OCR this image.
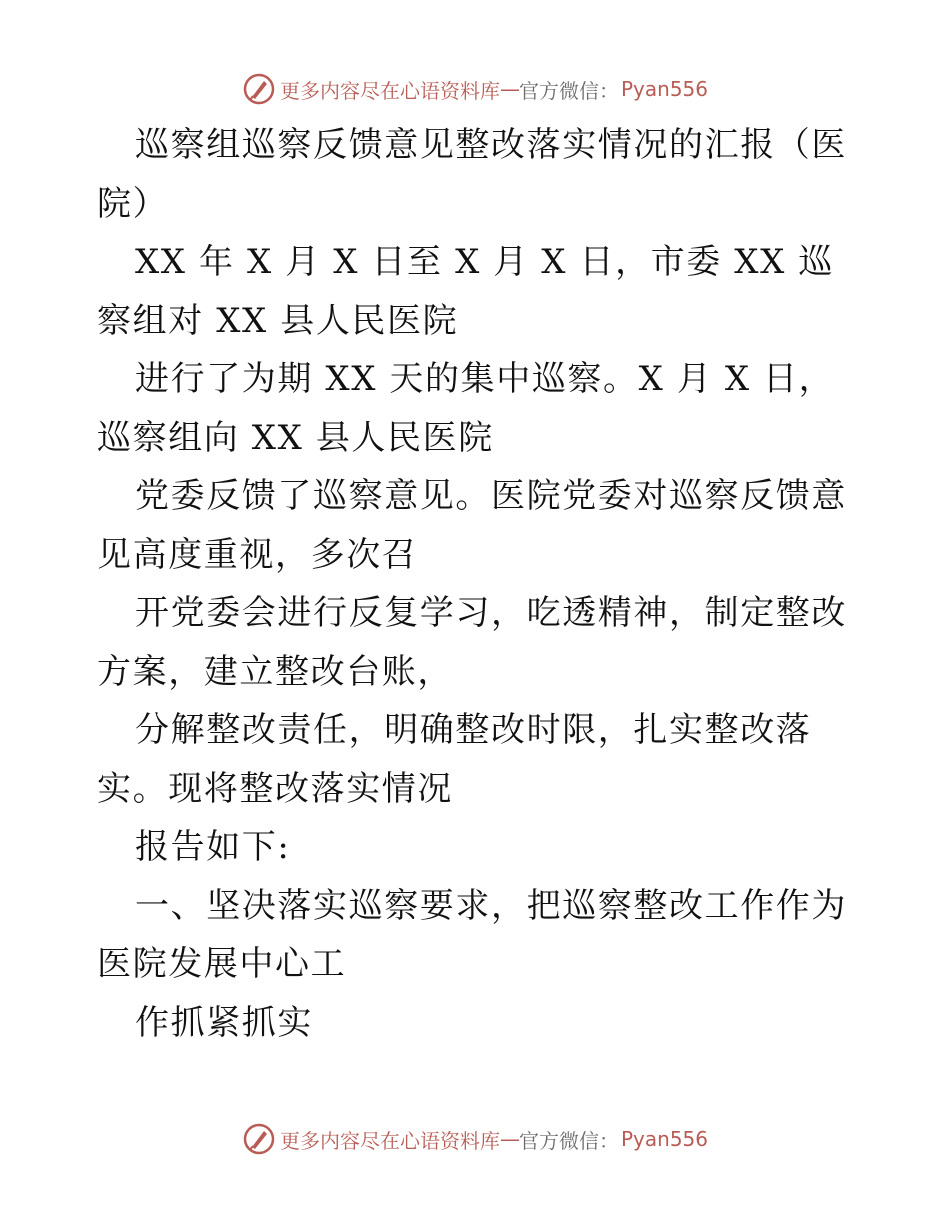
更多内容尽在心语资料库 — 官方微信： Pyan556

巡察组巡察反馈意见整改落实情况的汇报（医院）

XX 年 X 月 X 日至 X 月 X 日，市委 XX 巡察组对 XX 县人民医院

进行了为期 XX 天的集中巡察。X 月 X 日，巡察组向 XX 县人民医院

党委反馈了巡察意见。医院党委对巡察反馈意见高度重视，多次召

开党委会进行反复学习，吃透精神，制定整改方案，建立整改台账，

分解整改责任，明确整改时限，扎实整改落实。现将整改落实情况

报告如下:

一、坚决落实巡察要求，把巡察整改工作作为医院发展中心工

作抓紧抓实

更多内容尽在心语资料库 — 官方微信： Pyan556
